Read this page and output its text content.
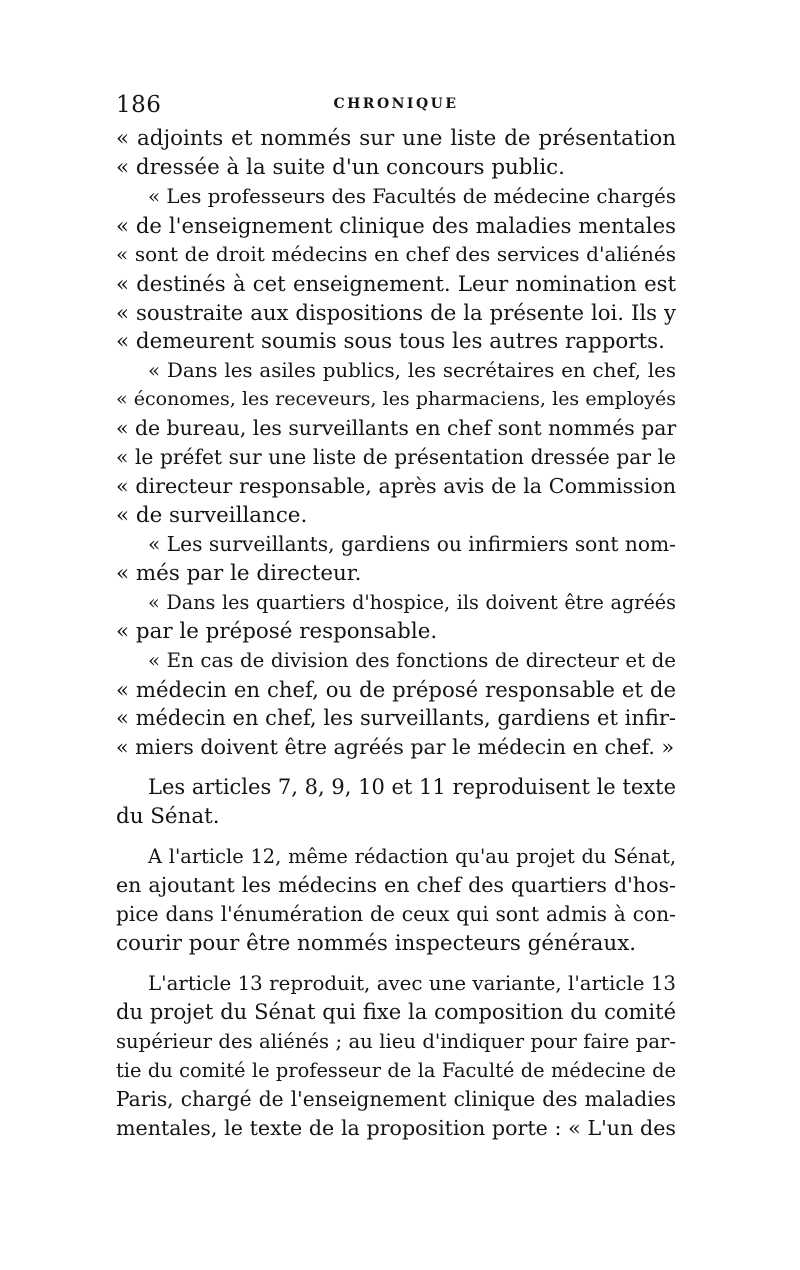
186	CHRONIQUE
« adjoints et nommés sur une liste de présentation
« dressée à la suite d'un concours public.
« Les professeurs des Facultés de médecine chargés
« de l'enseignement clinique des maladies mentales
« sont de droit médecins en chef des services d'aliénés
« destinés à cet enseignement. Leur nomination est
« soustraite aux dispositions de la présente loi. Ils y
« demeurent soumis sous tous les autres rapports.
« Dans les asiles publics, les secrétaires en chef, les
« économes, les receveurs, les pharmaciens, les employés
« de bureau, les surveillants en chef sont nommés par
« le préfet sur une liste de présentation dressée par le
« directeur responsable, après avis de la Commission
« de surveillance.
« Les surveillants, gardiens ou infirmiers sont nom-
« més par le directeur.
« Dans les quartiers d'hospice, ils doivent être agréés
« par le préposé responsable.
« En cas de division des fonctions de directeur et de
« médecin en chef, ou de préposé responsable et de
« médecin en chef, les surveillants, gardiens et infir-
« miers doivent être agréés par le médecin en chef. »
Les articles 7, 8, 9, 10 et 11 reproduisent le texte
du Sénat.
A l'article 12, même rédaction qu'au projet du Sénat,
en ajoutant les médecins en chef des quartiers d'hos-
pice dans l'énumération de ceux qui sont admis à con-
courir pour être nommés inspecteurs généraux.
L'article 13 reproduit, avec une variante, l'article 13
du projet du Sénat qui fixe la composition du comité
supérieur des aliénés ; au lieu d'indiquer pour faire par-
tie du comité le professeur de la Faculté de médecine de
Paris, chargé de l'enseignement clinique des maladies
mentales, le texte de la proposition porte : « L'un des
